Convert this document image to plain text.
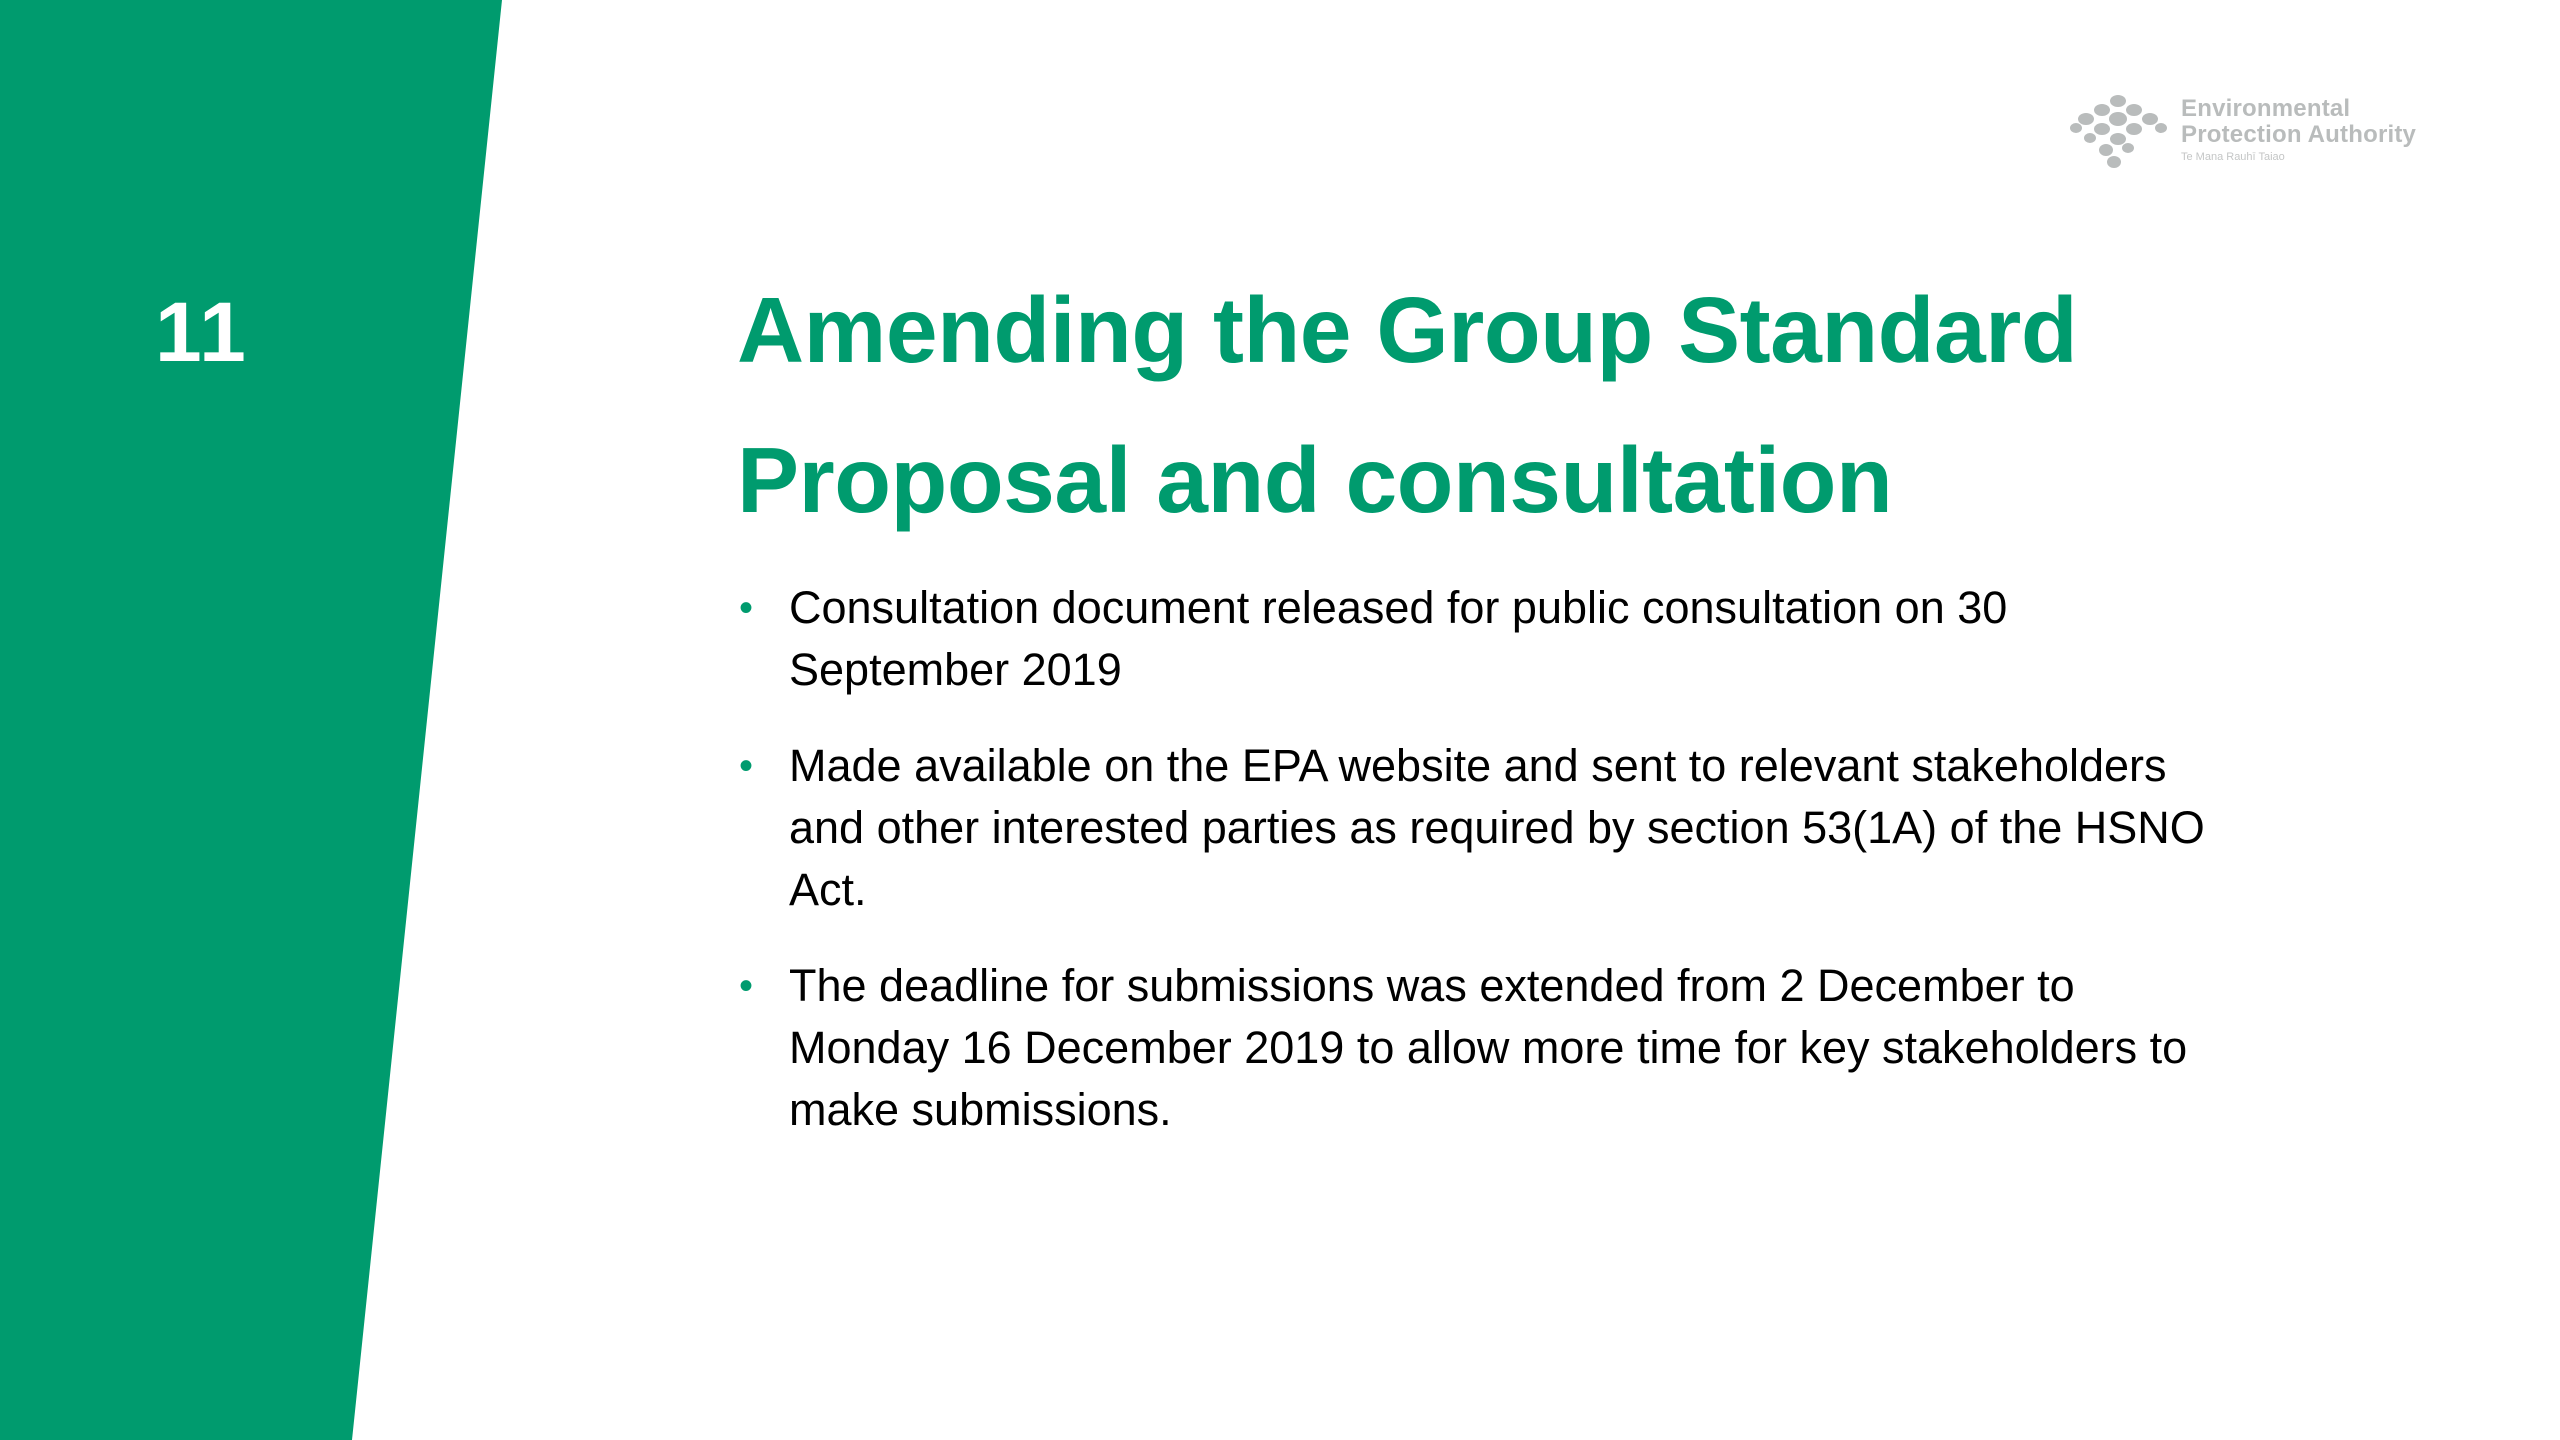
11
Environmental
Protection Authority
Te Mana Rauhī Taiao
Amending the Group Standard
Proposal and consultation
• Consultation document released for public consultation on 30 September 2019
• Made available on the EPA website and sent to relevant stakeholders and other interested parties as required by section 53(1A) of the HSNO Act.
• The deadline for submissions was extended from 2 December to Monday 16 December 2019 to allow more time for key stakeholders to make submissions.
